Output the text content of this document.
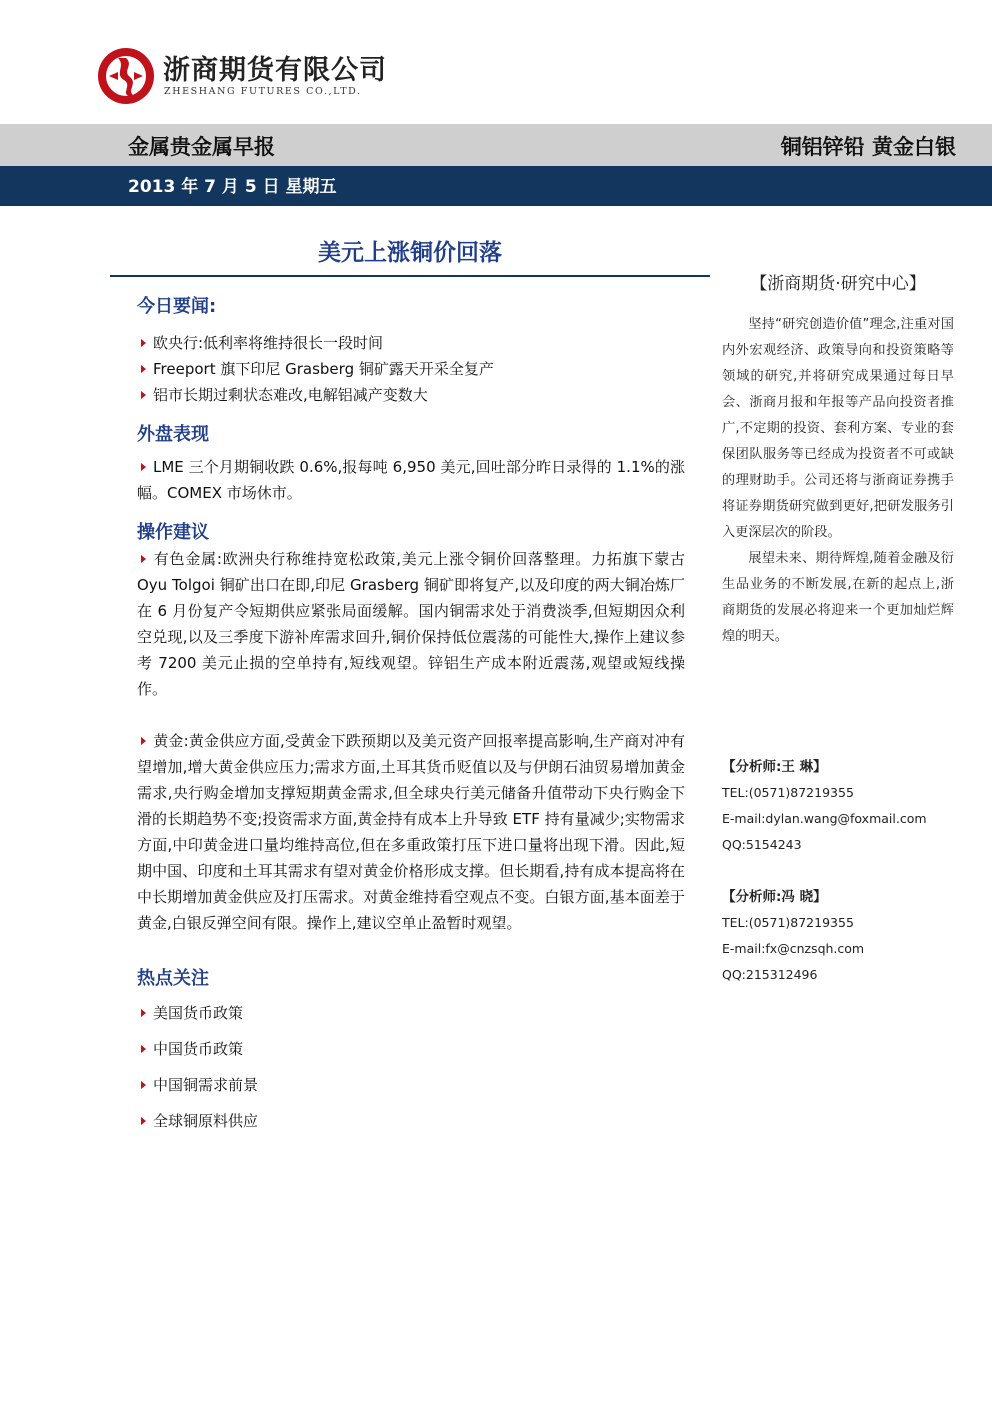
浙商期货有限公司
ZHESHANG FUTURES CO.,LTD.
金属贵金属早报	铜铝锌铅 黄金白银
2013 年 7 月 5 日 星期五
美元上涨铜价回落
今日要闻:
欧央行:低利率将维持很长一段时间
Freeport 旗下印尼 Grasberg 铜矿露天开采全复产
铝市长期过剩状态难改,电解铝减产变数大
外盘表现

LME 三个月期铜收跌 0.6%,报每吨 6,950 美元,回吐部分昨日录得的 1.1%的涨幅。COMEX 市场休市。

操作建议

有色金属:欧洲央行称维持宽松政策,美元上涨令铜价回落整理。力拓旗下蒙古 Oyu Tolgoi 铜矿出口在即,印尼 Grasberg 铜矿即将复产,以及印度的两大铜冶炼厂在 6 月份复产令短期供应紧张局面缓解。国内铜需求处于消费淡季,但短期因众利空兑现,以及三季度下游补库需求回升,铜价保持低位震荡的可能性大,操作上建议参考 7200 美元止损的空单持有,短线观望。锌铝生产成本附近震荡,观望或短线操作。

黄金:黄金供应方面,受黄金下跌预期以及美元资产回报率提高影响,生产商对冲有望增加,增大黄金供应压力;需求方面,土耳其货币贬值以及与伊朗石油贸易增加黄金需求,央行购金增加支撑短期黄金需求,但全球央行美元储备升值带动下央行购金下滑的长期趋势不变;投资需求方面,黄金持有成本上升导致 ETF 持有量减少;实物需求方面,中印黄金进口量均维持高位,但在多重政策打压下进口量将出现下滑。因此,短期中国、印度和土耳其需求有望对黄金价格形成支撑。但长期看,持有成本提高将在中长期增加黄金供应及打压需求。对黄金维持看空观点不变。白银方面,基本面差于黄金,白银反弹空间有限。操作上,建议空单止盈暂时观望。

热点关注
美国货币政策
中国货币政策
中国铜需求前景
全球铜原料供应
【浙商期货·研究中心】

坚持“研究创造价值”理念,注重对国内外宏观经济、政策导向和投资策略等领域的研究,并将研究成果通过每日早会、浙商月报和年报等产品向投资者推广,不定期的投资、套利方案、专业的套保团队服务等已经成为投资者不可或缺的理财助手。公司还将与浙商证券携手将证券期货研究做到更好,把研发服务引入更深层次的阶段。

展望未来、期待辉煌,随着金融及衍生品业务的不断发展,在新的起点上,浙商期货的发展必将迎来一个更加灿烂辉煌的明天。

【分析师:王 琳】
TEL:(0571)87219355
E-mail:dylan.wang@foxmail.com
QQ:5154243
【分析师:冯 晓】
TEL:(0571)87219355
E-mail:fx@cnzsqh.com
QQ:215312496
